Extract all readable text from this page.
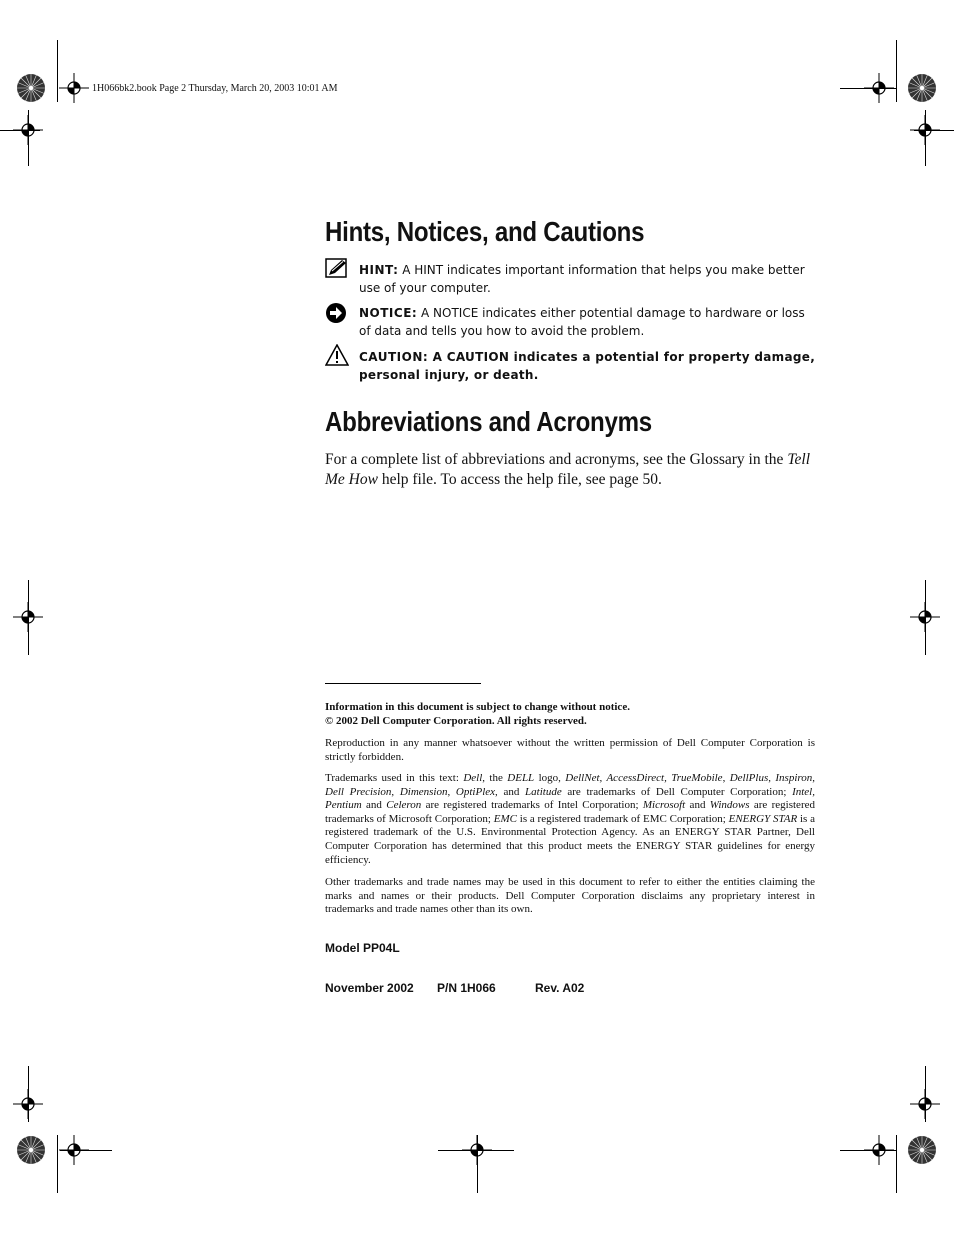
1H066bk2.book Page 2 Thursday, March 20, 2003 10:01 AM
Hints, Notices, and Cautions
HINT: A HINT indicates important information that helps you make better use of your computer.
NOTICE: A NOTICE indicates either potential damage to hardware or loss of data and tells you how to avoid the problem.
CAUTION: A CAUTION indicates a potential for property damage, personal injury, or death.
Abbreviations and Acronyms
For a complete list of abbreviations and acronyms, see the Glossary in the Tell Me How help file. To access the help file, see page 50.
Information in this document is subject to change without notice.
© 2002 Dell Computer Corporation. All rights reserved.
Reproduction in any manner whatsoever without the written permission of Dell Computer Corporation is strictly forbidden.
Trademarks used in this text: Dell, the DELL logo, DellNet, AccessDirect, TrueMobile, DellPlus, Inspiron, Dell Precision, Dimension, OptiPlex, and Latitude are trademarks of Dell Computer Corporation; Intel, Pentium and Celeron are registered trademarks of Intel Corporation; Microsoft and Windows are registered trademarks of Microsoft Corporation; EMC is a registered trademark of EMC Corporation; ENERGY STAR is a registered trademark of the U.S. Environmental Protection Agency. As an ENERGY STAR Partner, Dell Computer Corporation has determined that this product meets the ENERGY STAR guidelines for energy efficiency.
Other trademarks and trade names may be used in this document to refer to either the entities claiming the marks and names or their products. Dell Computer Corporation disclaims any proprietary interest in trademarks and trade names other than its own.
Model PP04L
November 2002 P/N 1H066	Rev. A02
